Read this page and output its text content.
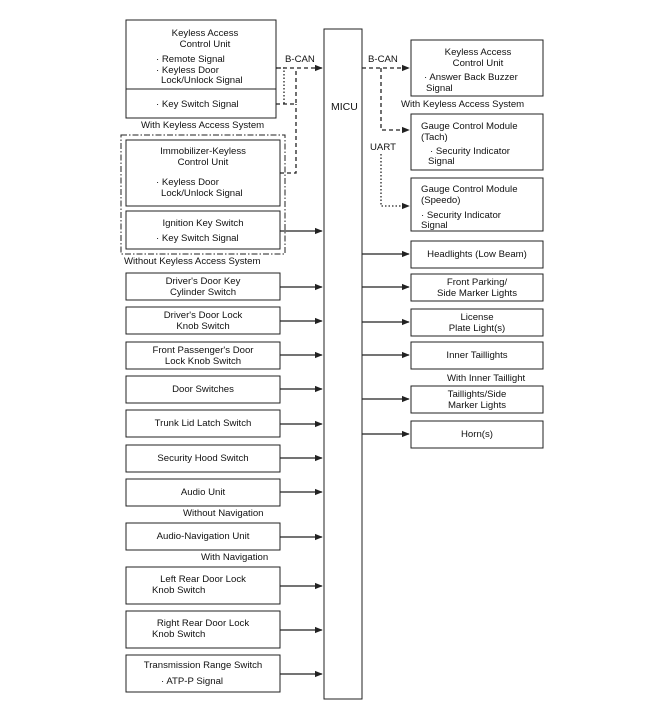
MICU
B-CAN	B-CAN
UART
Keyless Access
Control Unit
· Remote Signal
· Keyless Door
Lock/Unlock Signal
· Key Switch Signal
With Keyless Access System
Immobilizer-Keyless
Control Unit
· Keyless Door
Lock/Unlock Signal
Ignition Key Switch
· Key Switch Signal
Without Keyless Access System
Driver's Door Key
Cylinder Switch
Driver's Door Lock
Knob Switch
Front Passenger's Door
Lock Knob Switch
Door Switches
Trunk Lid Latch Switch
Security Hood Switch
Audio Unit
Without Navigation
Audio-Navigation Unit
With Navigation
Left Rear Door Lock
Knob Switch
Right Rear Door Lock
Knob Switch
Transmission Range Switch
· ATP-P Signal
Keyless Access
Control Unit
· Answer Back Buzzer
Signal
With Keyless Access System
Gauge Control Module
(Tach)
· Security Indicator
Signal
Gauge Control Module
(Speedo)
· Security Indicator
Signal
Headlights (Low Beam)
Front Parking/
Side Marker Lights
License
Plate Light(s)
Inner Taillights
With Inner Taillight
Taillights/Side
Marker Lights
Horn(s)
